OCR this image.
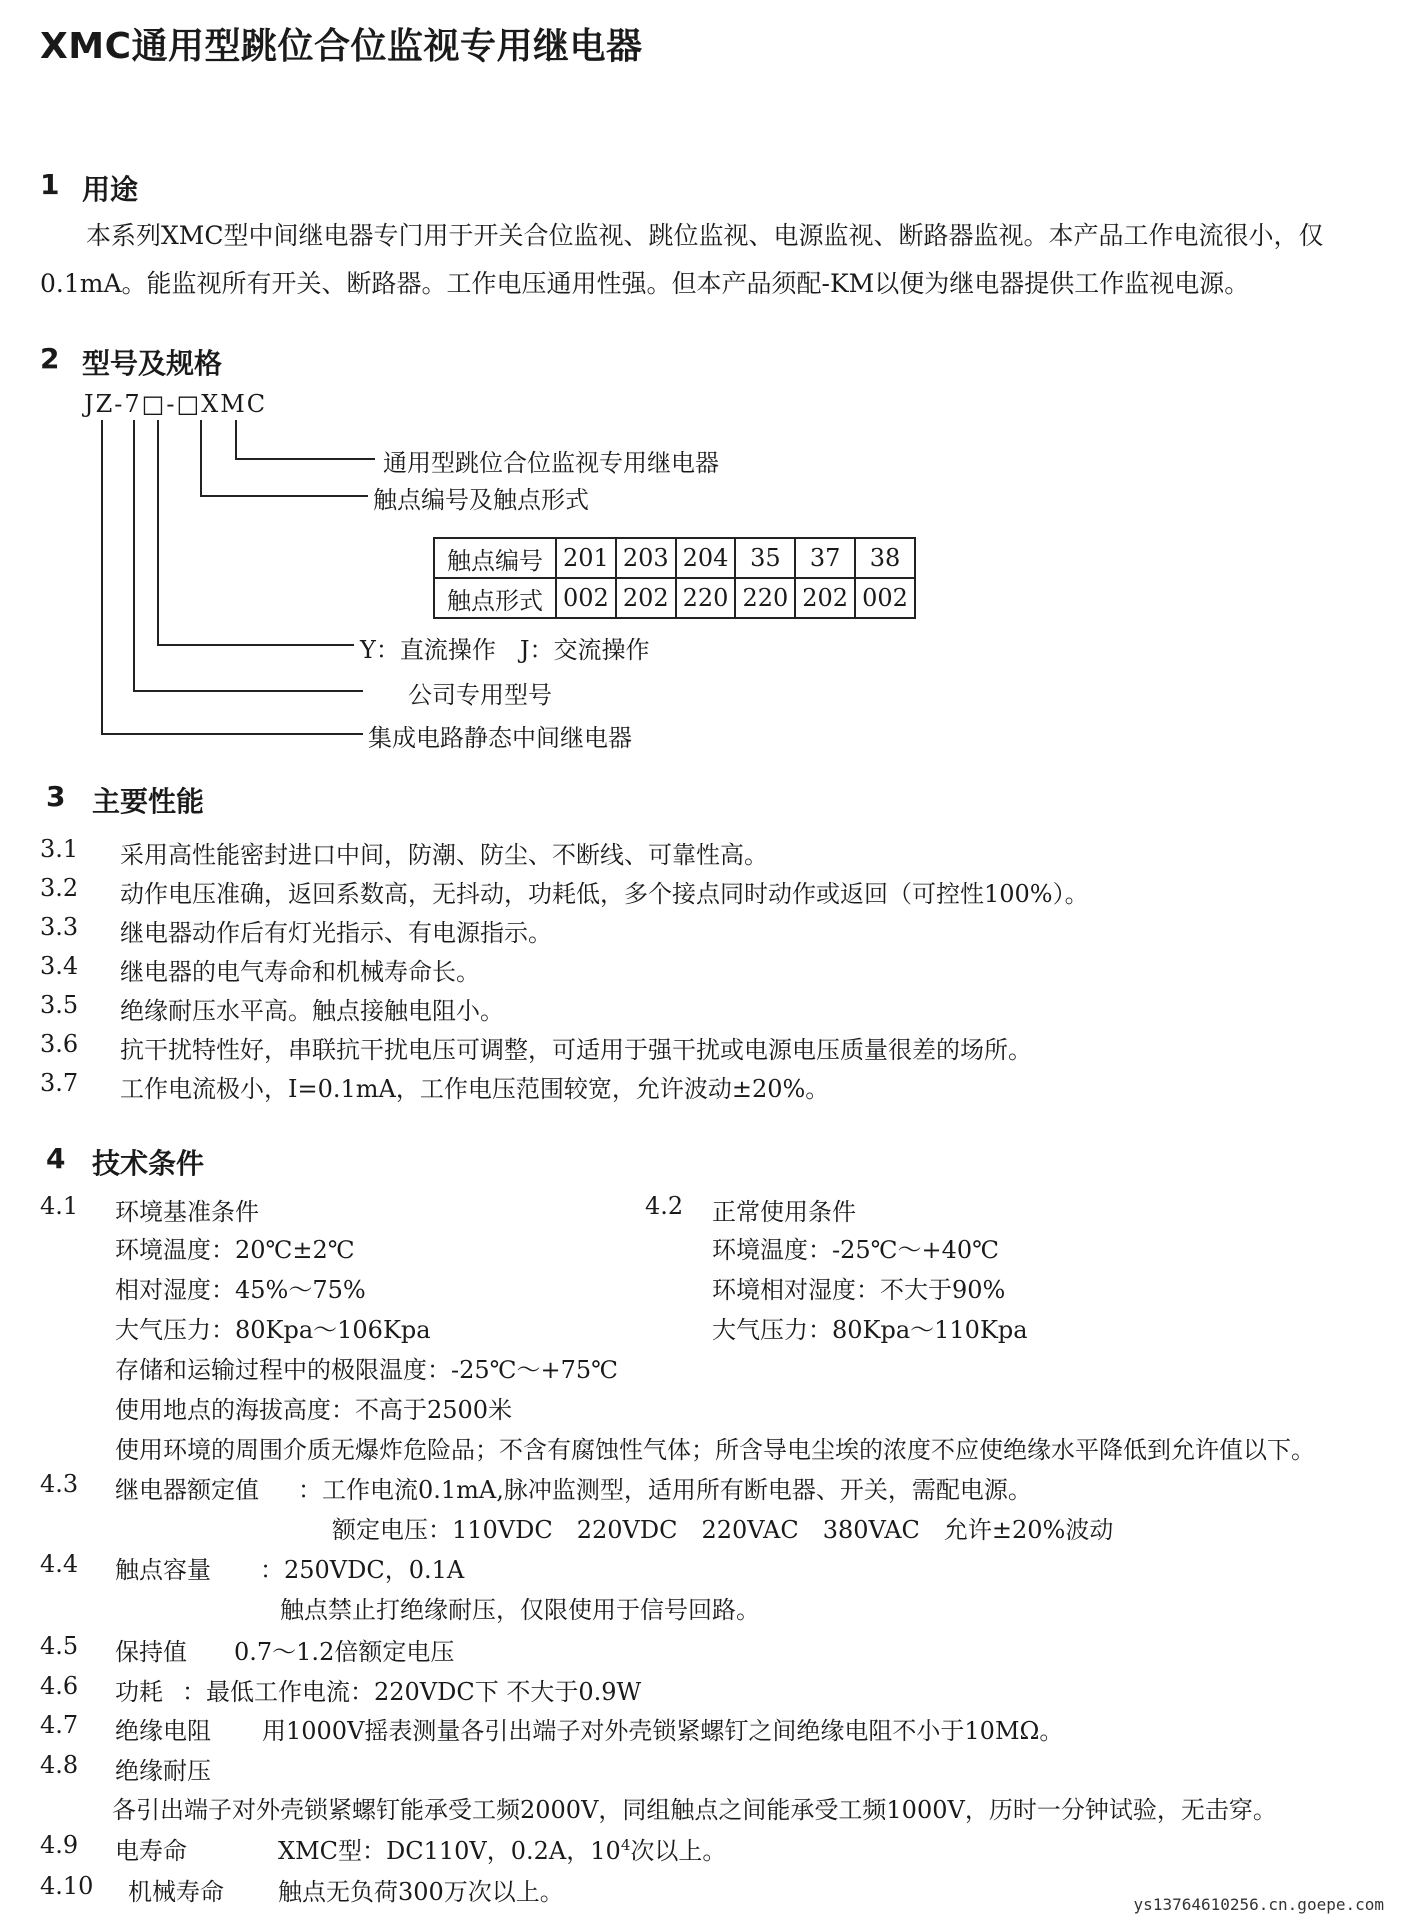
XMC通用型跳位合位监视专用继电器
1 用途
本系列XMC型中间继电器专门用于开关合位监视、跳位监视、电源监视、断路器监视。本产品工作电流很小，仅0.1mA。能监视所有开关、断路器。工作电压通用性强。但本产品须配-KM以便为继电器提供工作监视电源。
2 型号及规格
JZ-7□-□XMC
通用型跳位合位监视专用继电器
触点编号及触点形式
Y：直流操作　J：交流操作
公司专用型号
集成电路静态中间继电器
触点编号	201	203	204	35	37	38
触点形式	002	202	220	220	202	002
3 主要性能
3.1 采用高性能密封进口中间，防潮、防尘、不断线、可靠性高。
3.2 动作电压准确，返回系数高，无抖动，功耗低，多个接点同时动作或返回（可控性100%）。
3.3 继电器动作后有灯光指示、有电源指示。
3.4 继电器的电气寿命和机械寿命长。
3.5 绝缘耐压水平高。触点接触电阻小。
3.6 抗干扰特性好，串联抗干扰电压可调整，可适用于强干扰或电源电压质量很差的场所。
3.7 工作电流极小，I=0.1mA，工作电压范围较宽，允许波动±20%。
4 技术条件
4.1 环境基准条件
环境温度：20℃±2℃
相对湿度：45%～75%
大气压力：80Kpa～106Kpa
4.2 正常使用条件
环境温度：-25℃～+40℃
环境相对湿度：不大于90%
大气压力：80Kpa～110Kpa
存储和运输过程中的极限温度：-25℃～+75℃
使用地点的海拔高度：不高于2500米
使用环境的周围介质无爆炸危险品；不含有腐蚀性气体；所含导电尘埃的浓度不应使绝缘水平降低到允许值以下。
4.3 继电器额定值 ：工作电流0.1mA,脉冲监测型，适用所有断电器、开关，需配电源。
额定电压：110VDC　220VDC　220VAC　380VAC　允许±20%波动
4.4 触点容量 ：250VDC，0.1A
触点禁止打绝缘耐压，仅限使用于信号回路。
4.5 保持值 0.7～1.2倍额定电压
4.6 功耗 ：最低工作电流：220VDC下 不大于0.9W
4.7 绝缘电阻 用1000V摇表测量各引出端子对外壳锁紧螺钉之间绝缘电阻不小于10MΩ。
4.8 绝缘耐压
各引出端子对外壳锁紧螺钉能承受工频2000V，同组触点之间能承受工频1000V，历时一分钟试验，无击穿。
4.9 电寿命	XMC型：DC110V，0.2A，$10^4$次以上。
4.10 机械寿命 触点无负荷300万次以上。	ys13764610256.cn.goepe.com
